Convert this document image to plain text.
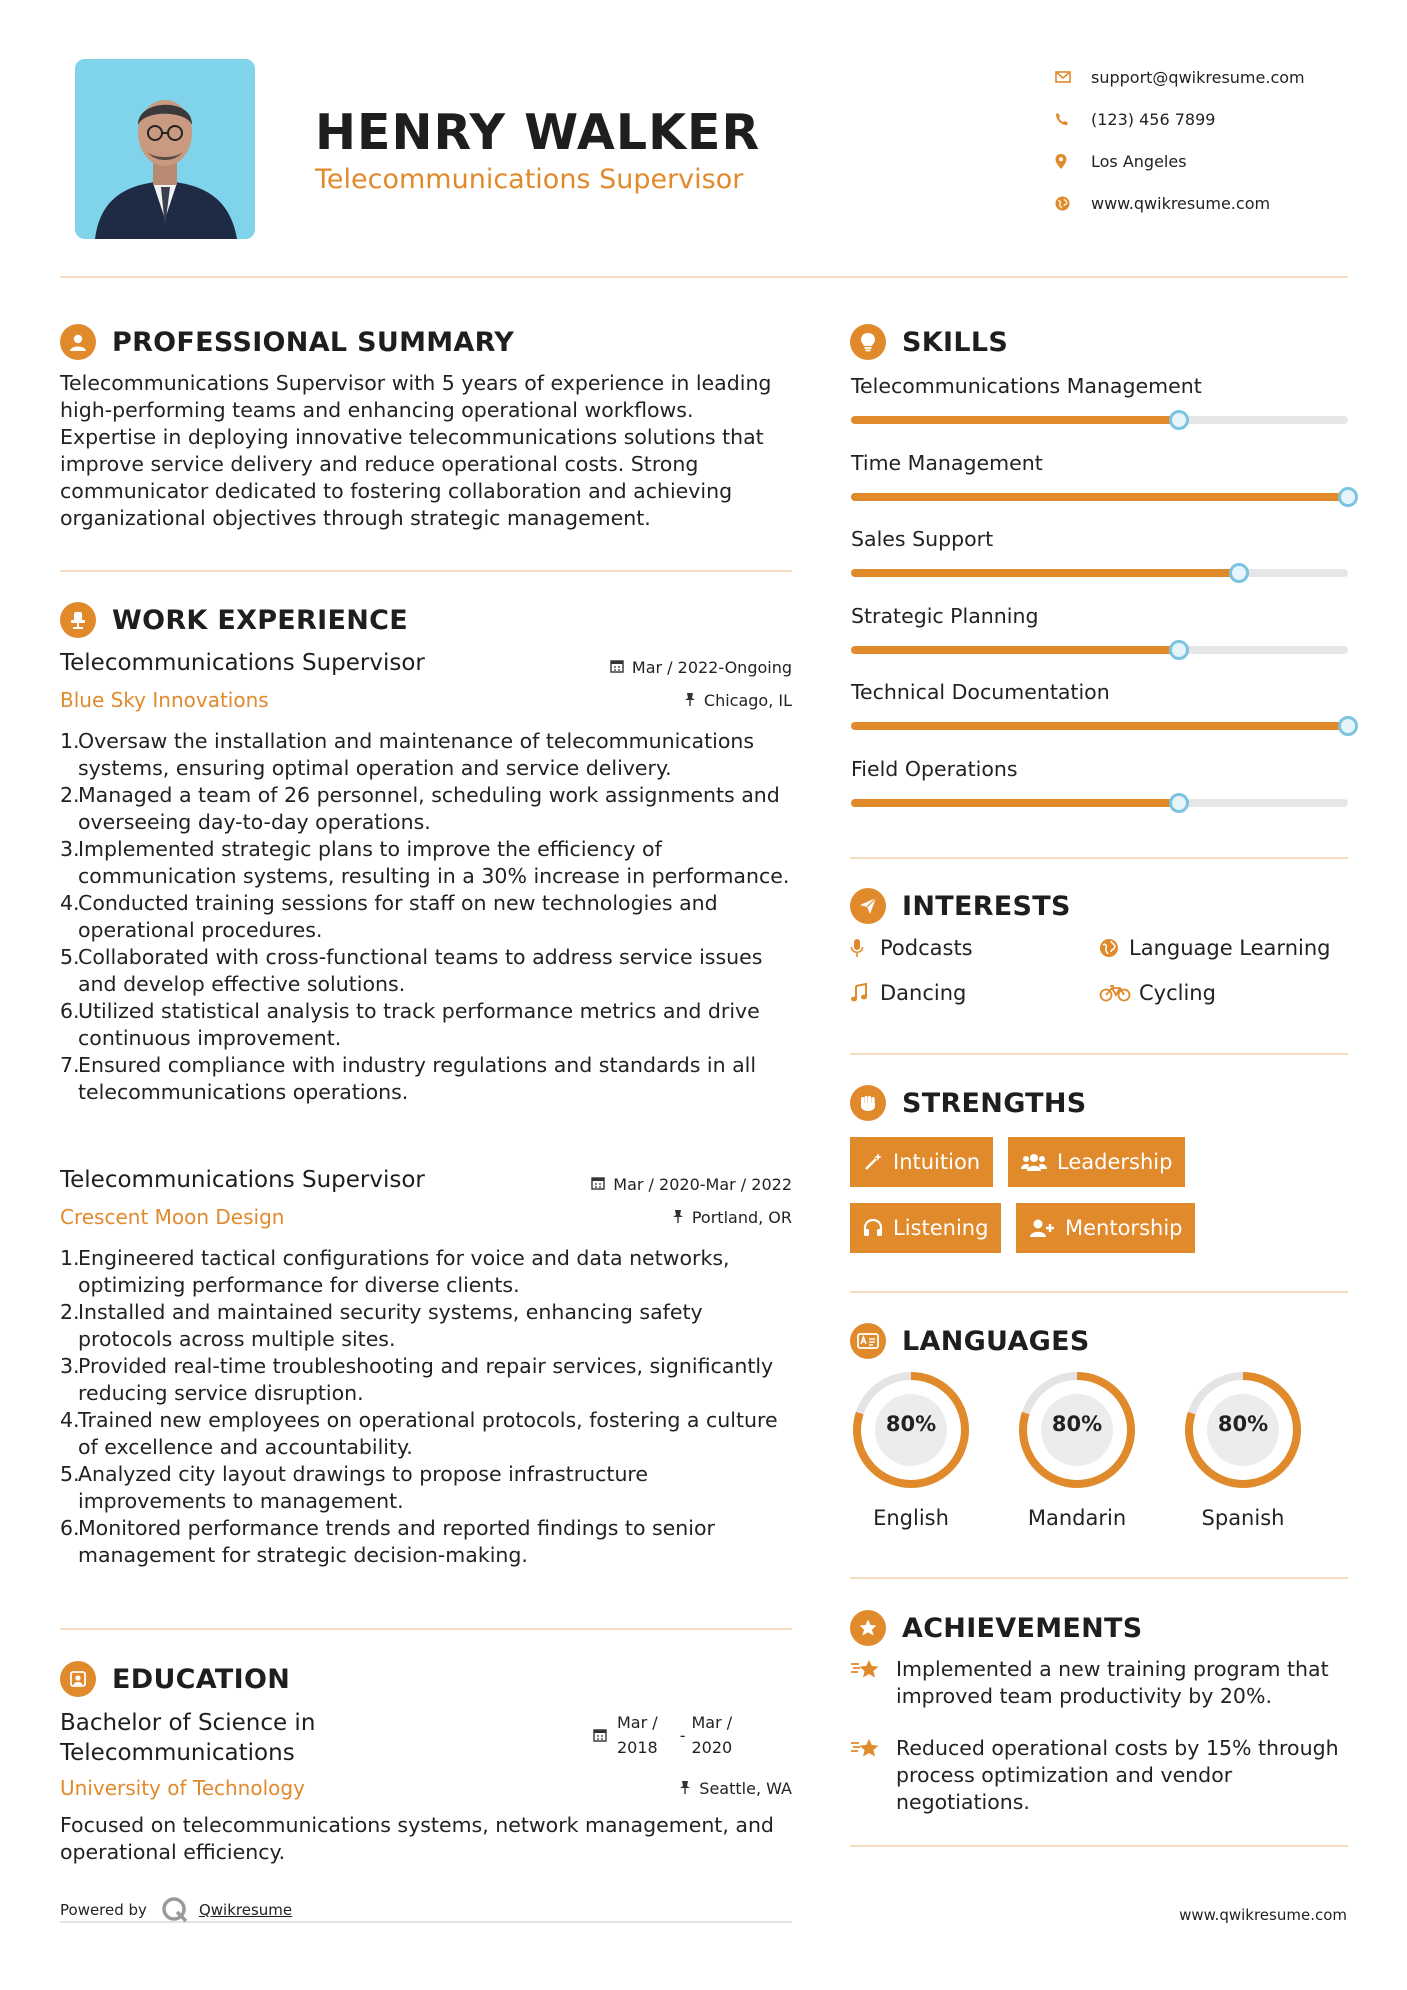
HENRY WALKER
Telecommunications Supervisor
support@qwikresume.com
(123) 456 7899
Los Angeles
www.qwikresume.com
PROFESSIONAL SUMMARY
Telecommunications Supervisor with 5 years of experience in leading high-performing teams and enhancing operational workflows. Expertise in deploying innovative telecommunications solutions that improve service delivery and reduce operational costs. Strong communicator dedicated to fostering collaboration and achieving organizational objectives through strategic management.
WORK EXPERIENCE
Telecommunications Supervisor	Mar / 2022-Ongoing
Blue Sky Innovations	Chicago, IL
1.
Oversaw the installation and maintenance of telecommunications systems, ensuring optimal operation and service delivery.
2.
Managed a team of 26 personnel, scheduling work assignments and overseeing day-to-day operations.
3.
Implemented strategic plans to improve the efficiency of communication systems, resulting in a 30% increase in performance.
4.
Conducted training sessions for staff on new technologies and operational procedures.
5.
Collaborated with cross-functional teams to address service issues and develop effective solutions.
6.
Utilized statistical analysis to track performance metrics and drive continuous improvement.
7.
Ensured compliance with industry regulations and standards in all telecommunications operations.
Telecommunications Supervisor	Mar / 2020-Mar / 2022
Crescent Moon Design	Portland, OR
1.
Engineered tactical configurations for voice and data networks, optimizing performance for diverse clients.
2.
Installed and maintained security systems, enhancing safety protocols across multiple sites.
3.
Provided real-time troubleshooting and repair services, significantly reducing service disruption.
4.
Trained new employees on operational protocols, fostering a culture of excellence and accountability.
5.
Analyzed city layout drawings to propose infrastructure improvements to management.
6.
Monitored performance trends and reported findings to senior management for strategic decision-making.
EDUCATION
Bachelor of Science in
Telecommunications
Mar /
2018
-
Mar /
2020
University of Technology	Seattle, WA
Focused on telecommunications systems, network management, and operational efficiency.
SKILLS
Telecommunications Management
Time Management
Sales Support
Strategic Planning
Technical Documentation
Field Operations
INTERESTS
Podcasts	Language Learning
Dancing	Cycling
STRENGTHS
Intuition	Leadership
Listening	Mentorship
LANGUAGES
80%
English
80%
Mandarin
80%
Spanish
ACHIEVEMENTS
Implemented a new training program that improved team productivity by 20%.
Reduced operational costs by 15% through process optimization and vendor negotiations.
Powered by	Qwikresume	www.qwikresume.com
